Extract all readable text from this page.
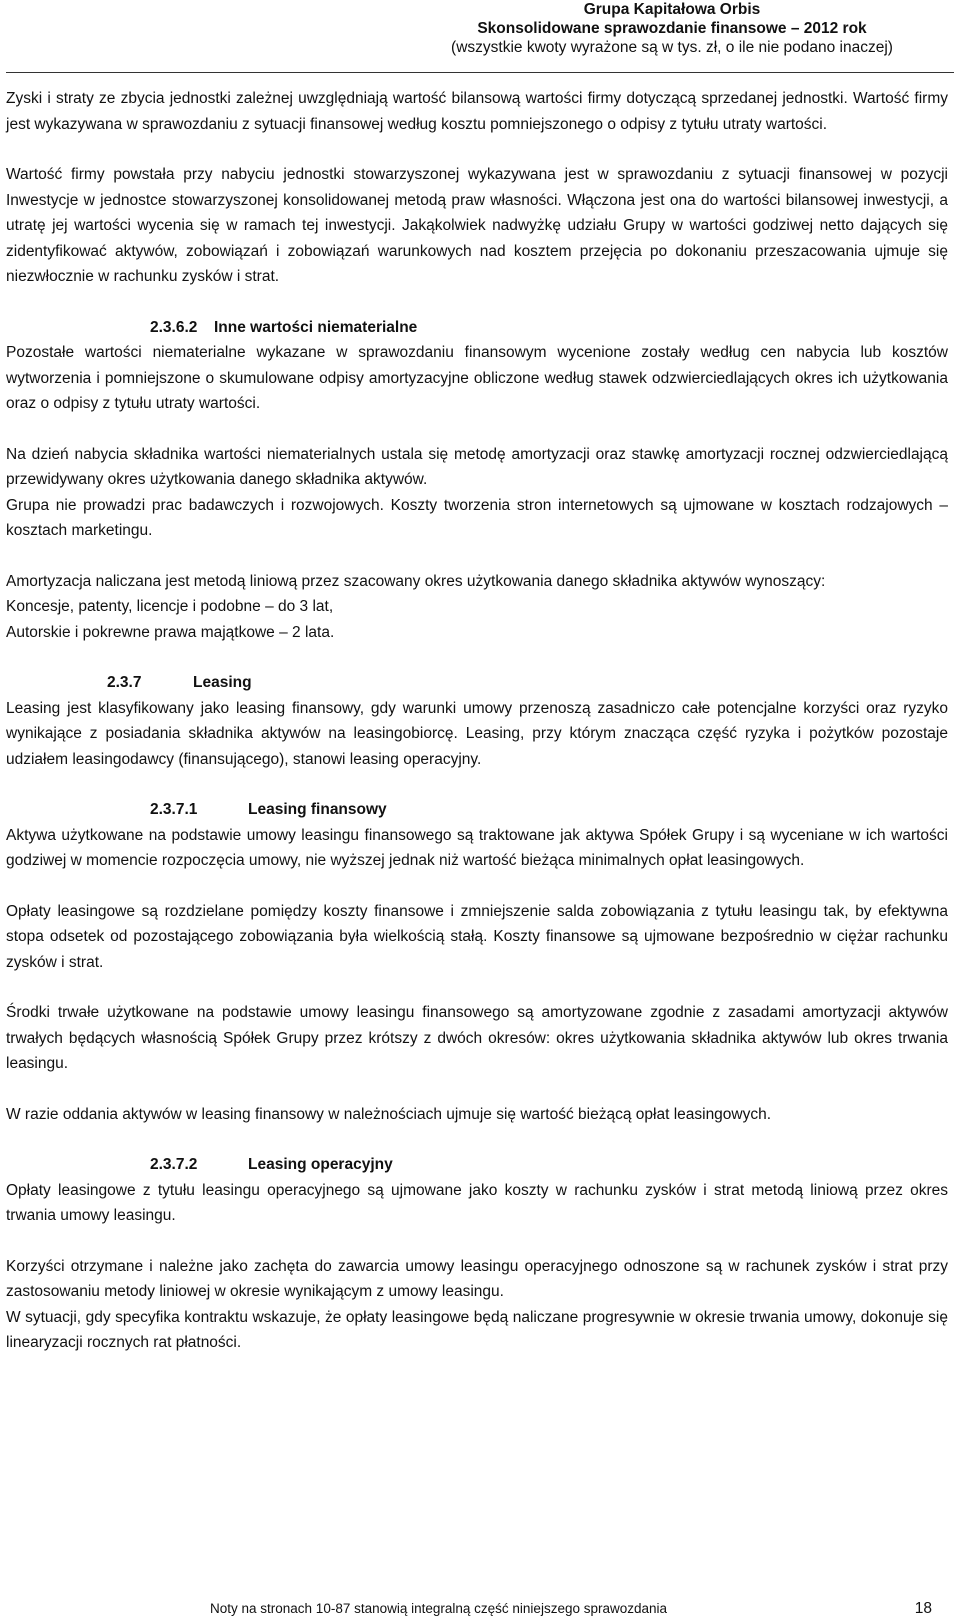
Grupa Kapitałowa Orbis
Skonsolidowane sprawozdanie finansowe – 2012 rok
(wszystkie kwoty wyrażone są w tys. zł, o ile nie podano inaczej)

Zyski i straty ze zbycia jednostki zależnej uwzględniają wartość bilansową wartości firmy dotyczącą sprzedanej jednostki. Wartość firmy jest wykazywana w sprawozdaniu z sytuacji finansowej według kosztu pomniejszonego o odpisy z tytułu utraty wartości.

Wartość firmy powstała przy nabyciu jednostki stowarzyszonej wykazywana jest w sprawozdaniu z sytuacji finansowej w pozycji Inwestycje w jednostce stowarzyszonej konsolidowanej metodą praw własności. Włączona jest ona do wartości bilansowej inwestycji, a utratę jej wartości wycenia się w ramach tej inwestycji. Jakąkolwiek nadwyżkę udziału Grupy w wartości godziwej netto dających się zidentyfikować aktywów, zobowiązań i zobowiązań warunkowych nad kosztem przejęcia po dokonaniu przeszacowania ujmuje się niezwłocznie w rachunku zysków i strat.

2.3.6.2 Inne wartości niematerialne

Pozostałe wartości niematerialne wykazane w sprawozdaniu finansowym wycenione zostały według cen nabycia lub kosztów wytworzenia i pomniejszone o skumulowane odpisy amortyzacyjne obliczone według stawek odzwierciedlających okres ich użytkowania oraz o odpisy z tytułu utraty wartości.

Na dzień nabycia składnika wartości niematerialnych ustala się metodę amortyzacji oraz stawkę amortyzacji rocznej odzwierciedlającą przewidywany okres użytkowania danego składnika aktywów.

Grupa nie prowadzi prac badawczych i rozwojowych. Koszty tworzenia stron internetowych są ujmowane w kosztach rodzajowych – kosztach marketingu.

Amortyzacja naliczana jest metodą liniową przez szacowany okres użytkowania danego składnika aktywów wynoszący:

Koncesje, patenty, licencje i podobne – do 3 lat,

Autorskie i pokrewne prawa majątkowe – 2 lata.

2.3.7	Leasing

Leasing jest klasyfikowany jako leasing finansowy, gdy warunki umowy przenoszą zasadniczo całe potencjalne korzyści oraz ryzyko wynikające z posiadania składnika aktywów na leasingobiorcę. Leasing, przy którym znacząca część ryzyka i pożytków pozostaje udziałem leasingodawcy (finansującego), stanowi leasing operacyjny.

2.3.7.1	Leasing finansowy

Aktywa użytkowane na podstawie umowy leasingu finansowego są traktowane jak aktywa Spółek Grupy i są wyceniane w ich wartości godziwej w momencie rozpoczęcia umowy, nie wyższej jednak niż wartość bieżąca minimalnych opłat leasingowych.

Opłaty leasingowe są rozdzielane pomiędzy koszty finansowe i zmniejszenie salda zobowiązania z tytułu leasingu tak, by efektywna stopa odsetek od pozostającego zobowiązania była wielkością stałą. Koszty finansowe są ujmowane bezpośrednio w ciężar rachunku zysków i strat.

Środki trwałe użytkowane na podstawie umowy leasingu finansowego są amortyzowane zgodnie z zasadami amortyzacji aktywów trwałych będących własnością Spółek Grupy przez krótszy z dwóch okresów: okres użytkowania składnika aktywów lub okres trwania leasingu.

W razie oddania aktywów w leasing finansowy w należnościach ujmuje się wartość bieżącą opłat leasingowych.

2.3.7.2	Leasing operacyjny

Opłaty leasingowe z tytułu leasingu operacyjnego są ujmowane jako koszty w rachunku zysków i strat metodą liniową przez okres trwania umowy leasingu.

Korzyści otrzymane i należne jako zachęta do zawarcia umowy leasingu operacyjnego odnoszone są w rachunek zysków i strat przy zastosowaniu metody liniowej w okresie wynikającym z umowy leasingu.

W sytuacji, gdy specyfika kontraktu wskazuje, że opłaty leasingowe będą naliczane progresywnie w okresie trwania umowy, dokonuje się linearyzacji rocznych rat płatności.

Noty na stronach 10-87 stanowią integralną część niniejszego sprawozdania	18
